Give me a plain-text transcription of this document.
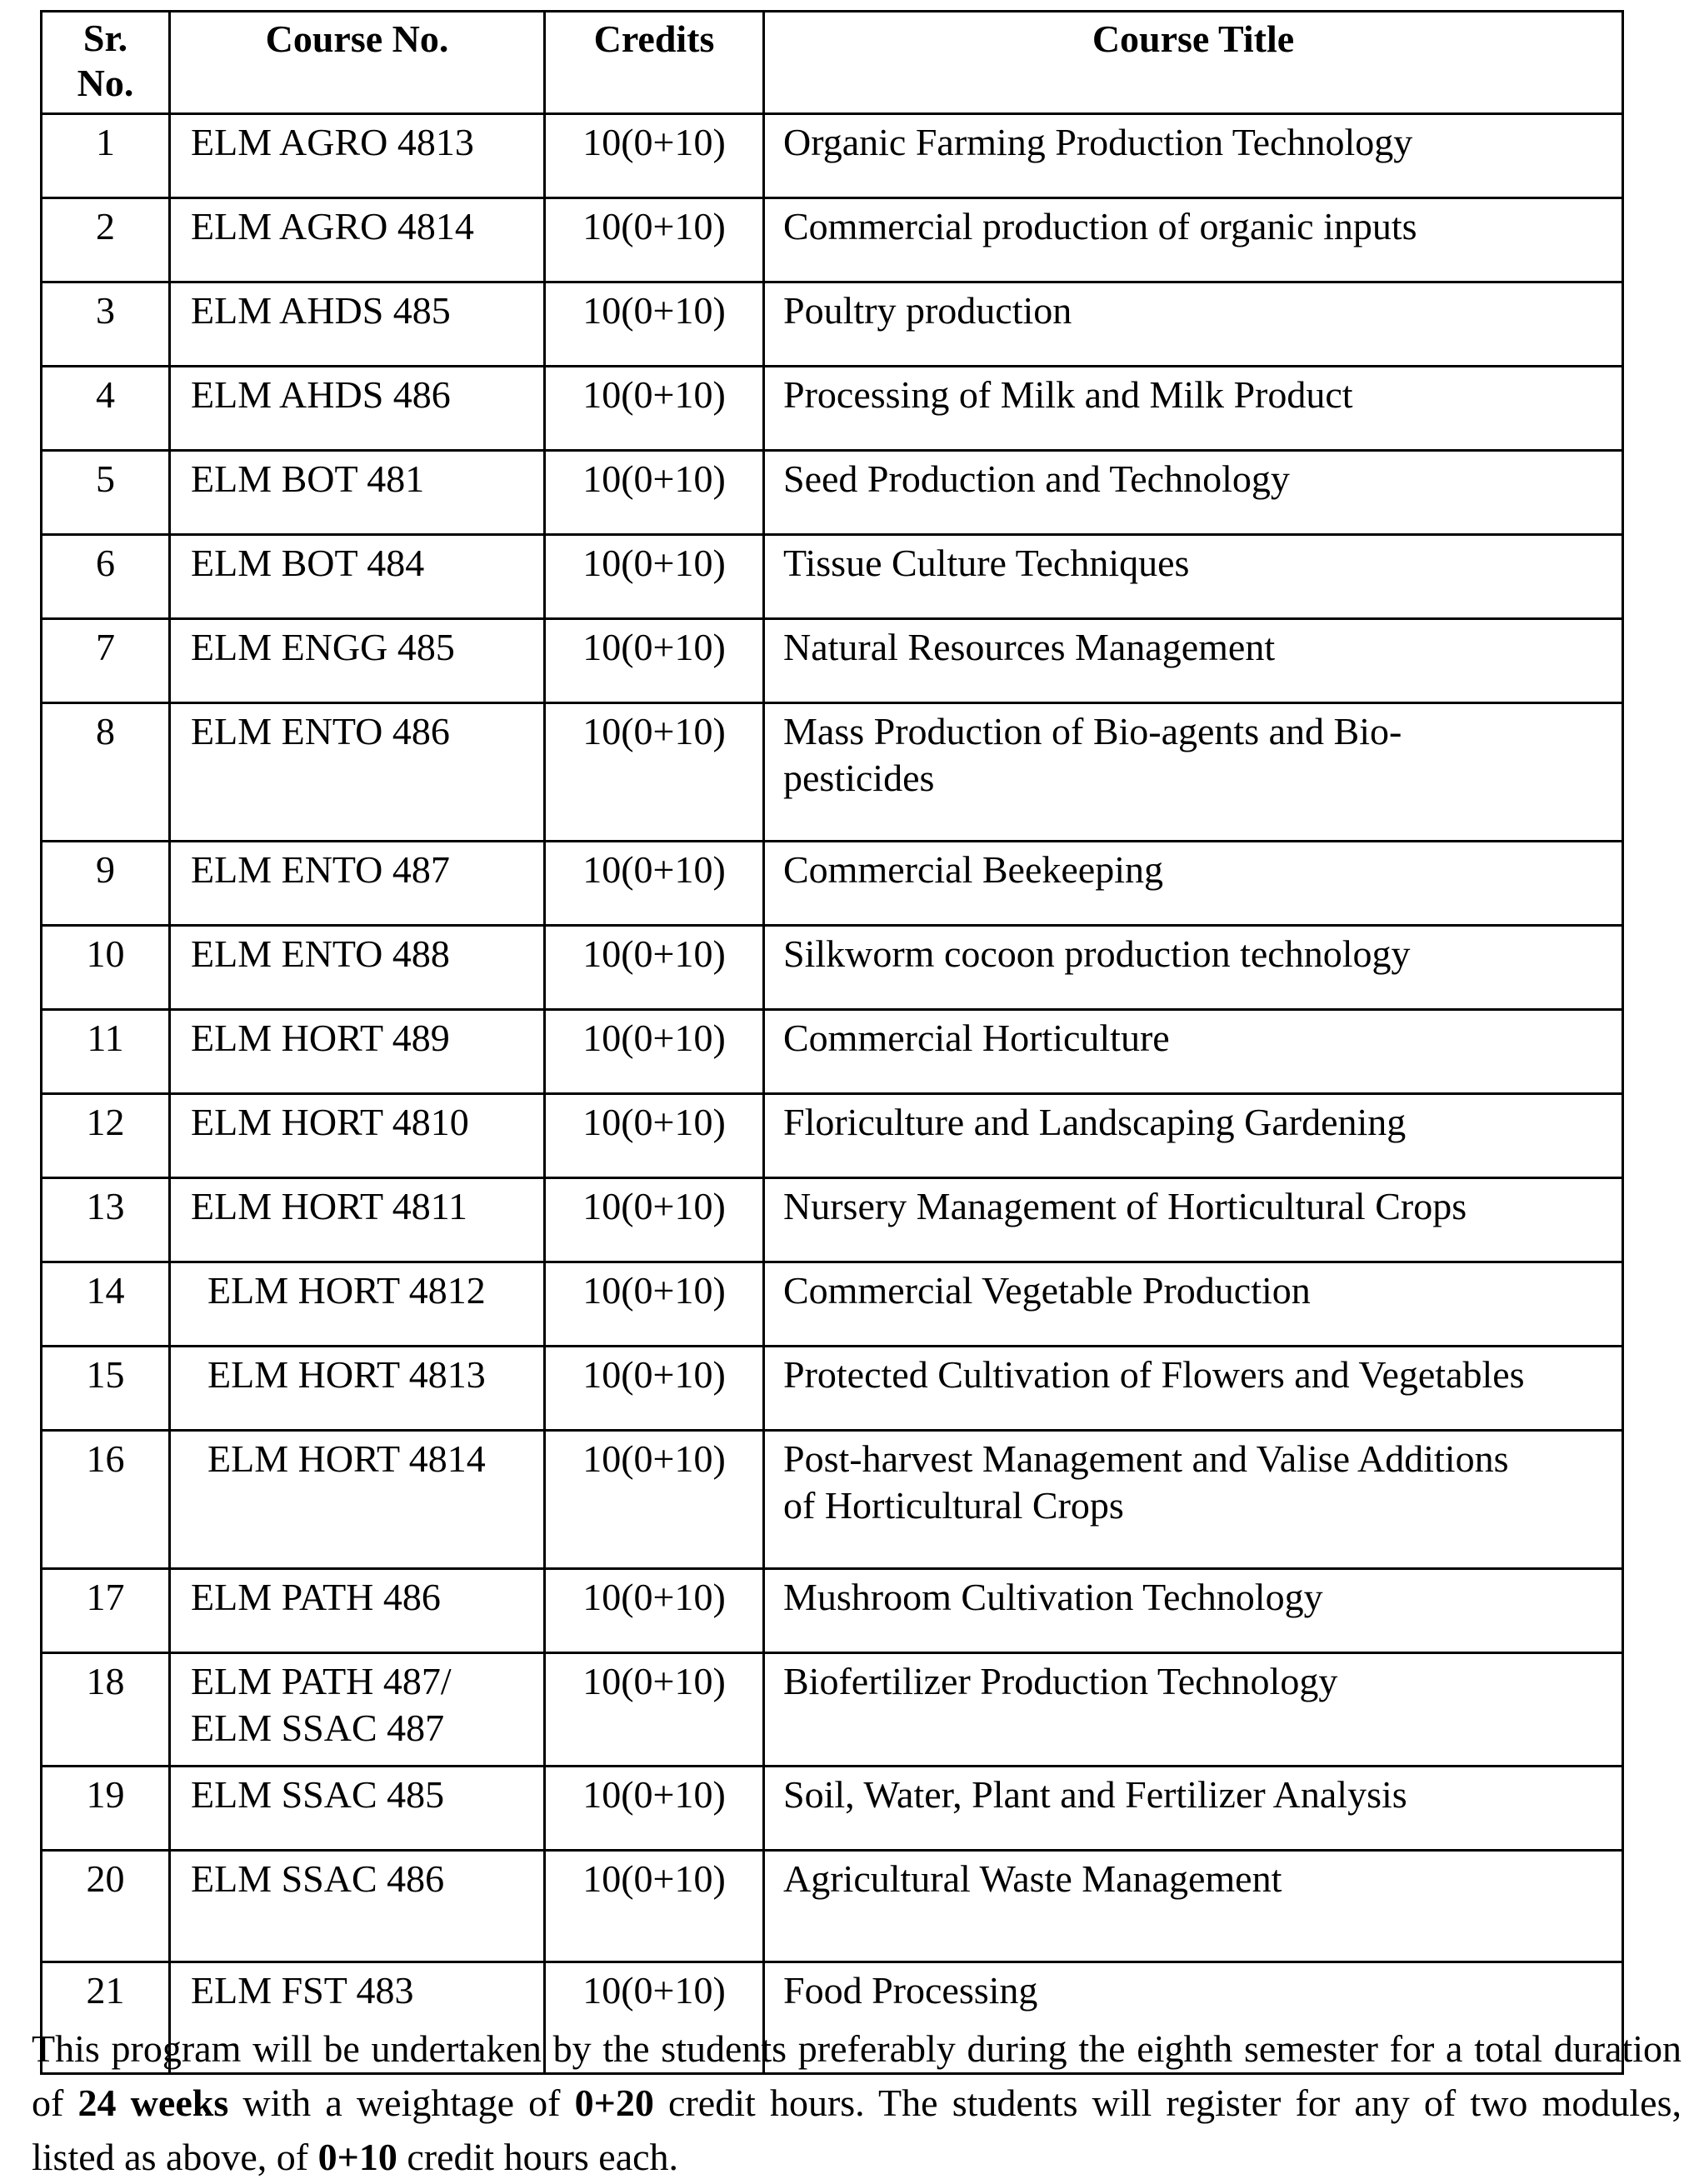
Sr.
No.	Course No.	Credits	Course Title
1	ELM AGRO 4813	10(0+10)	Organic Farming Production Technology

2	ELM AGRO 4814	10(0+10)	Commercial production of organic inputs

3	ELM AHDS 485	10(0+10)	Poultry production

4	ELM AHDS 486	10(0+10)	Processing of Milk and Milk Product

5	ELM BOT 481	10(0+10)	Seed Production and Technology

6	ELM BOT 484	10(0+10)	Tissue Culture Techniques

7	ELM ENGG 485	10(0+10)	Natural Resources Management

8	ELM ENTO 486	10(0+10)	Mass Production of Bio-agents and Bio-
pesticides

9	ELM ENTO 487	10(0+10)	Commercial Beekeeping

10	ELM ENTO 488	10(0+10)	Silkworm cocoon production technology

11	ELM HORT 489	10(0+10)	Commercial Horticulture

12	ELM HORT 4810	10(0+10)	Floriculture and Landscaping Gardening

13	ELM HORT 4811	10(0+10)	Nursery Management of Horticultural Crops

14	ELM HORT 4812	10(0+10)	Commercial Vegetable Production

15	ELM HORT 4813	10(0+10)	Protected Cultivation of Flowers and Vegetables

16	ELM HORT 4814	10(0+10)	Post-harvest Management and Valise Additions
of Horticultural Crops

17	ELM PATH 486	10(0+10)	Mushroom Cultivation Technology

18	ELM PATH 487/
ELM SSAC 487	10(0+10)	Biofertilizer Production Technology

19	ELM SSAC 485	10(0+10)	Soil, Water, Plant and Fertilizer Analysis

20	ELM SSAC 486	10(0+10)	Agricultural Waste Management

21	ELM FST 483	10(0+10)	Food Processing

This program will be undertaken by the students preferably during the eighth semester for a total duration of 24 weeks with a weightage of 0+20 credit hours. The students will register for any of two modules, listed as above, of 0+10 credit hours each.
